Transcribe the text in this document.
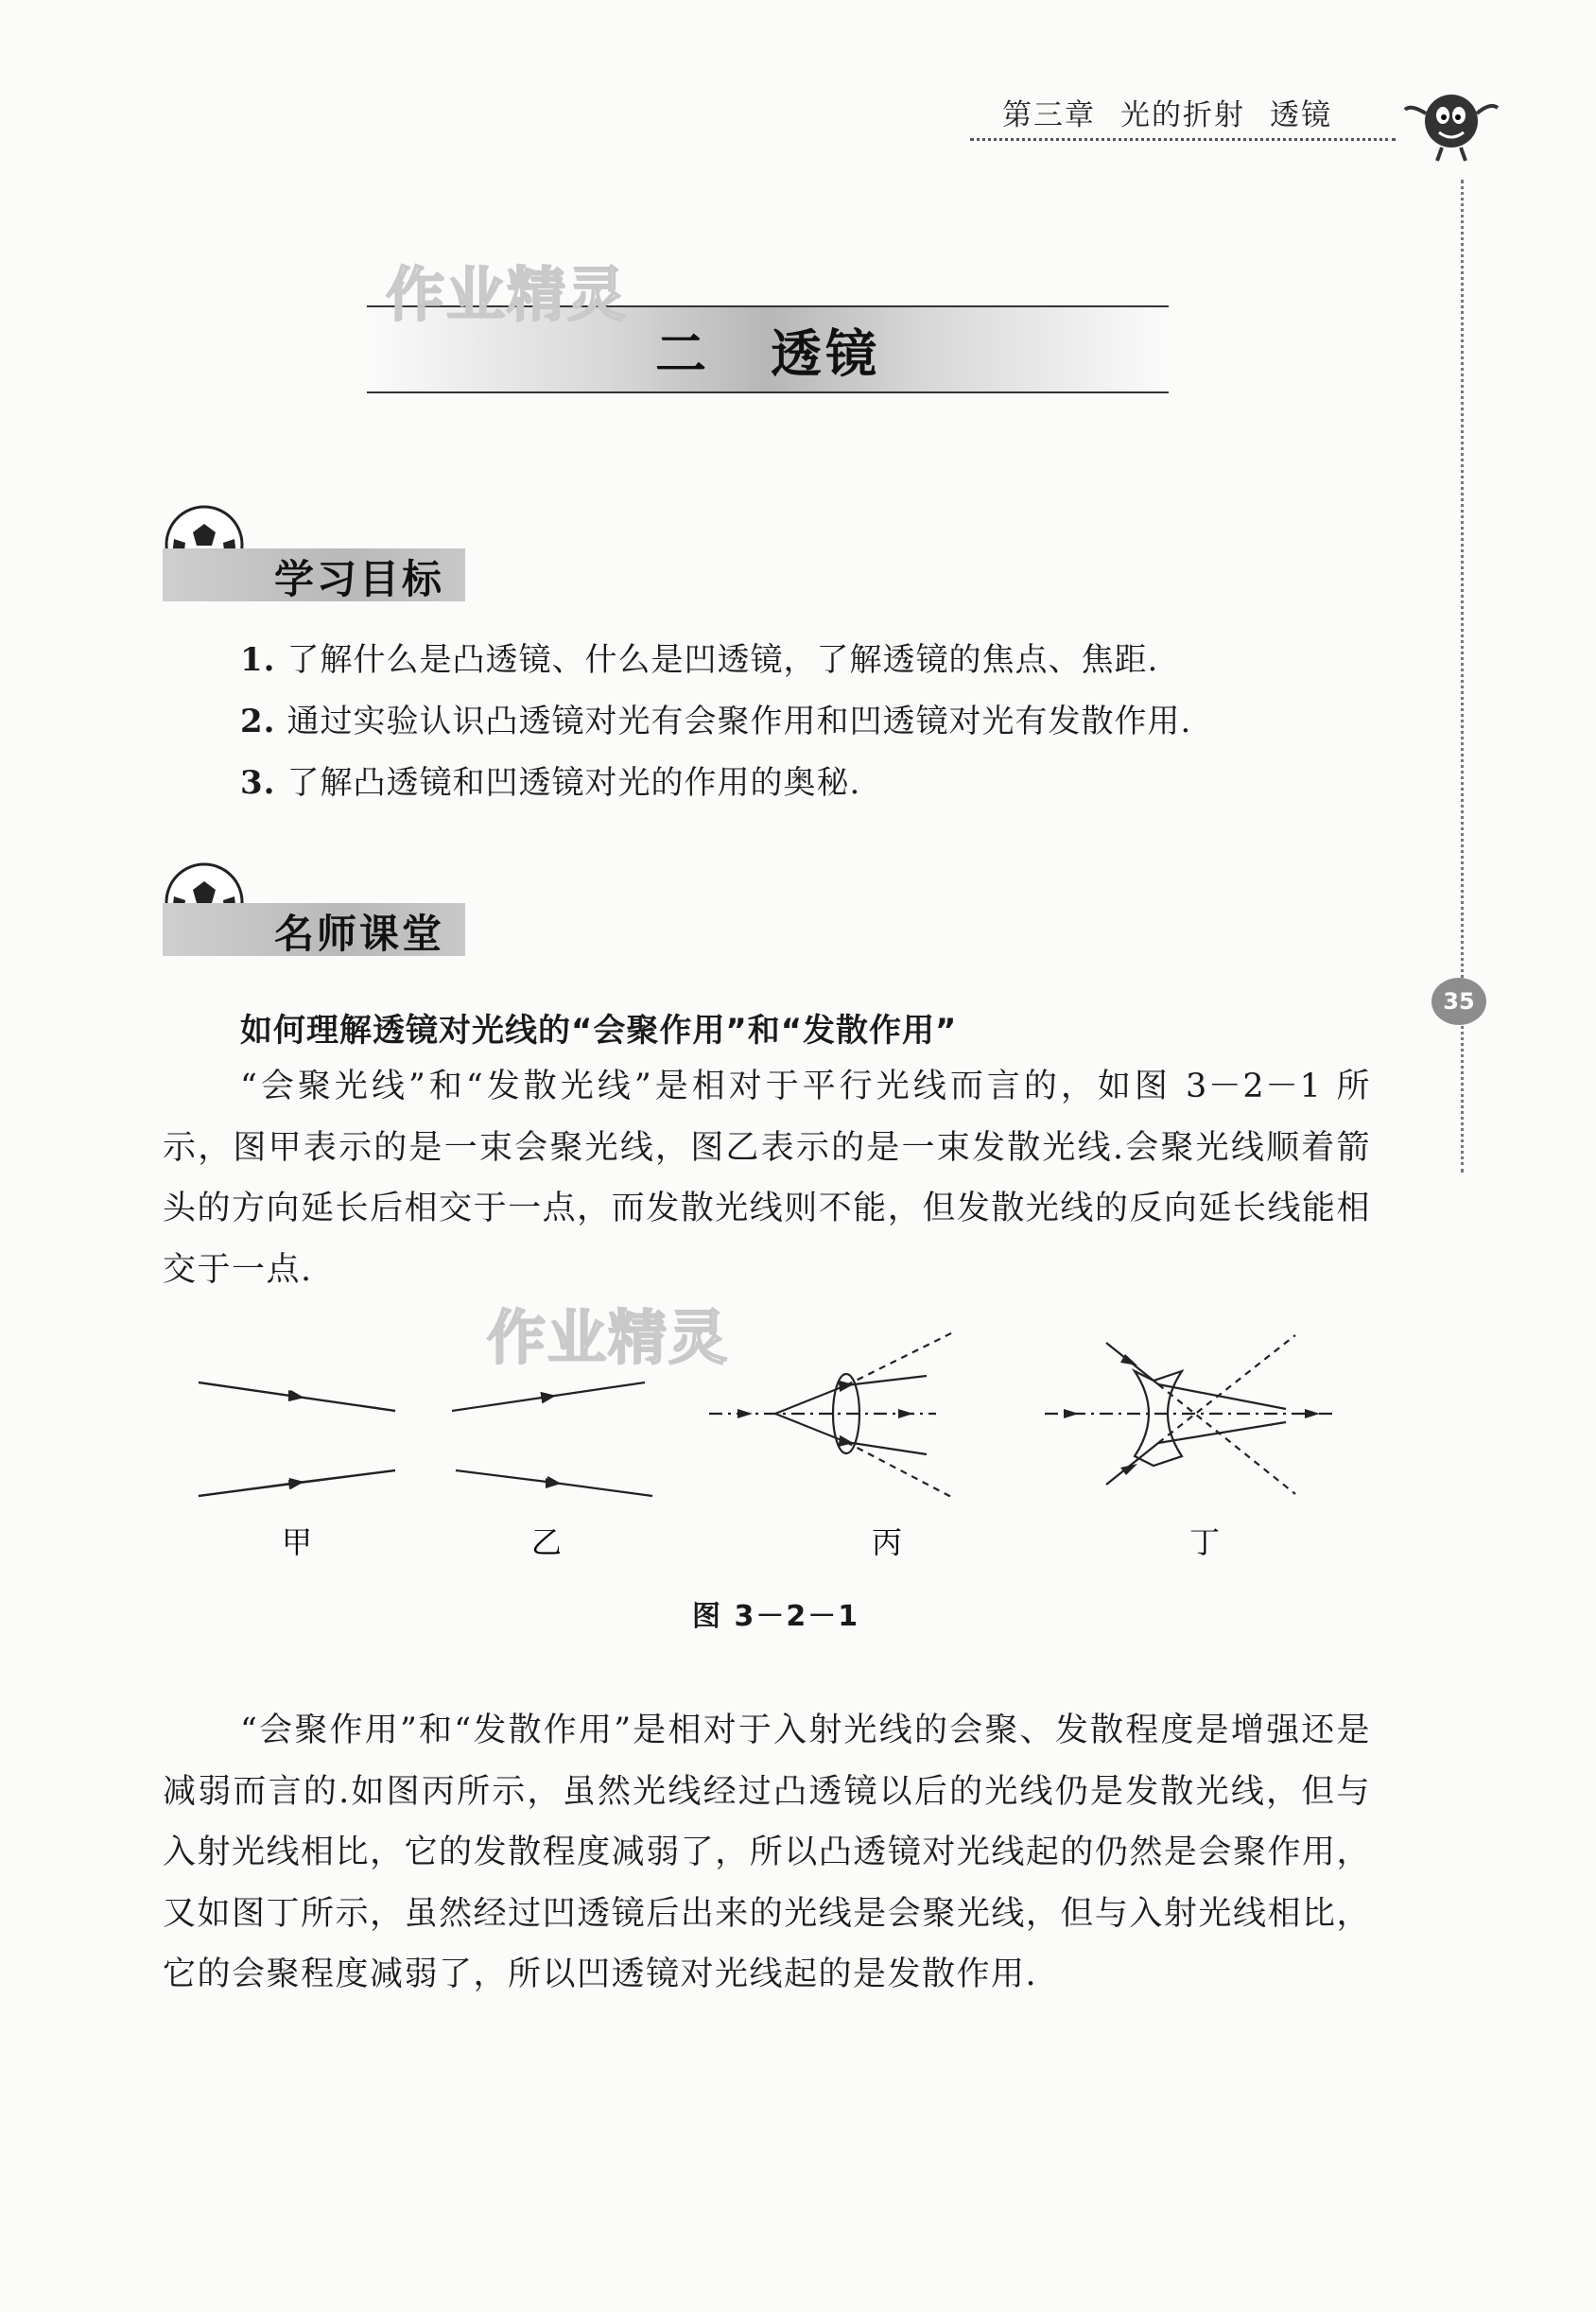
第三章 光的折射 透镜
35
二 透镜
作业精灵
学习目标
1. 了解什么是凸透镜、什么是凹透镜，了解透镜的焦点、焦距.
2. 通过实验认识凸透镜对光有会聚作用和凹透镜对光有发散作用.
3. 了解凸透镜和凹透镜对光的作用的奥秘.
名师课堂
如何理解透镜对光线的“会聚作用”和“发散作用”

“会聚光线”和“发散光线”是相对于平行光线而言的，如图 3－2－1 所示，图甲表示的是一束会聚光线，图乙表示的是一束发散光线.会聚光线顺着箭头的方向延长后相交于一点，而发散光线则不能，但发散光线的反向延长线能相交于一点.

作业精灵
甲	乙	丙	丁
图 3－2－1

“会聚作用”和“发散作用”是相对于入射光线的会聚、发散程度是增强还是减弱而言的.如图丙所示，虽然光线经过凸透镜以后的光线仍是发散光线，但与入射光线相比，它的发散程度减弱了，所以凸透镜对光线起的仍然是会聚作用，又如图丁所示，虽然经过凹透镜后出来的光线是会聚光线，但与入射光线相比，它的会聚程度减弱了，所以凹透镜对光线起的是发散作用.
